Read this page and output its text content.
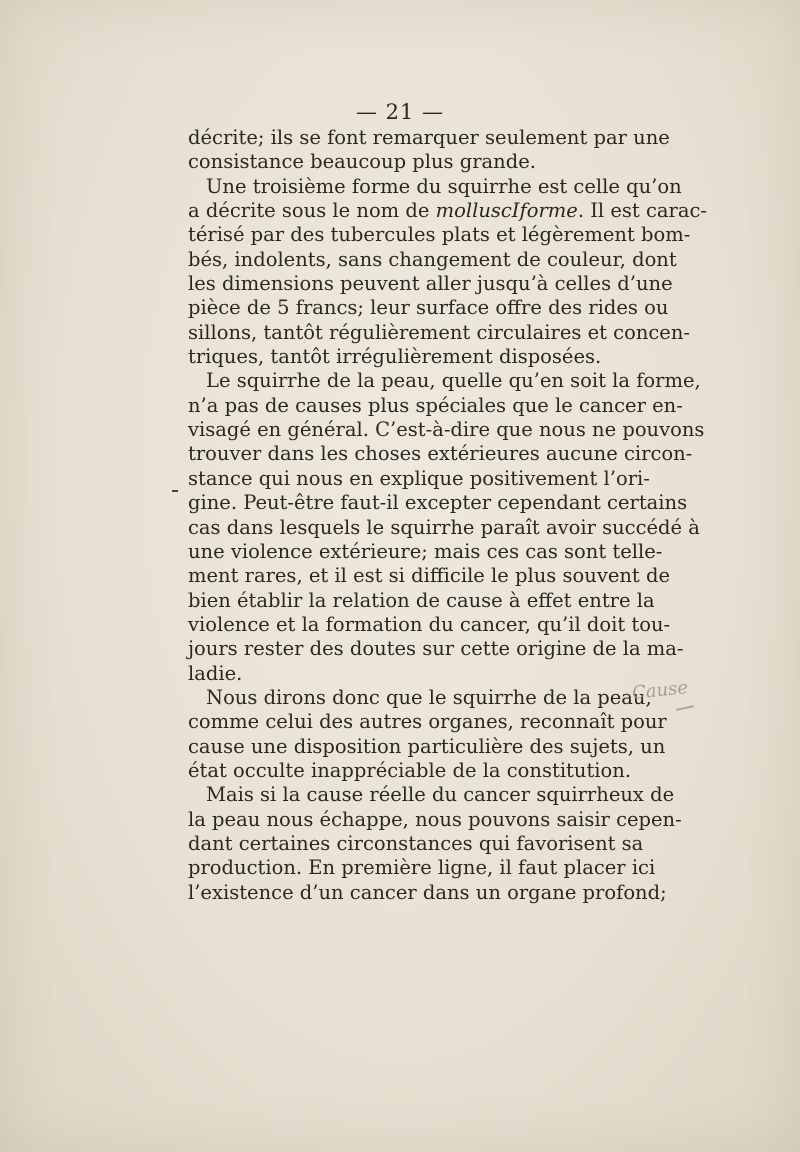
— 21 —
décrite; ils se font remarquer seulement par une
consistance beaucoup plus grande.
Une troisième forme du squirrhe est celle qu’on
a décrite sous le nom de molluscIforme. Il est carac-
térisé par des tubercules plats et légèrement bom-
bés, indolents, sans changement de couleur, dont
les dimensions peuvent aller jusqu’à celles d’une
pièce de 5 francs; leur surface offre des rides ou
sillons, tantôt régulièrement circulaires et concen-
triques, tantôt irrégulièrement disposées.
Le squirrhe de la peau, quelle qu’en soit la forme,
n’a pas de causes plus spéciales que le cancer en-
visagé en général. C’est-à-dire que nous ne pouvons
trouver dans les choses extérieures aucune circon-
stance qui nous en explique positivement l’ori-
gine. Peut-être faut-il excepter cependant certains
cas dans lesquels le squirrhe paraît avoir succédé à
une violence extérieure; mais ces cas sont telle-
ment rares, et il est si difficile le plus souvent de
bien établir la relation de cause à effet entre la
violence et la formation du cancer, qu’il doit tou-
jours rester des doutes sur cette origine de la ma-
ladie.
Nous dirons donc que le squirrhe de la peau,
comme celui des autres organes, reconnaît pour
cause une disposition particulière des sujets, un
état occulte inappréciable de la constitution.
Mais si la cause réelle du cancer squirrheux de
la peau nous échappe, nous pouvons saisir cepen-
dant certaines circonstances qui favorisent sa
production. En première ligne, il faut placer ici
l’existence d’un cancer dans un organe profond;
Cause
